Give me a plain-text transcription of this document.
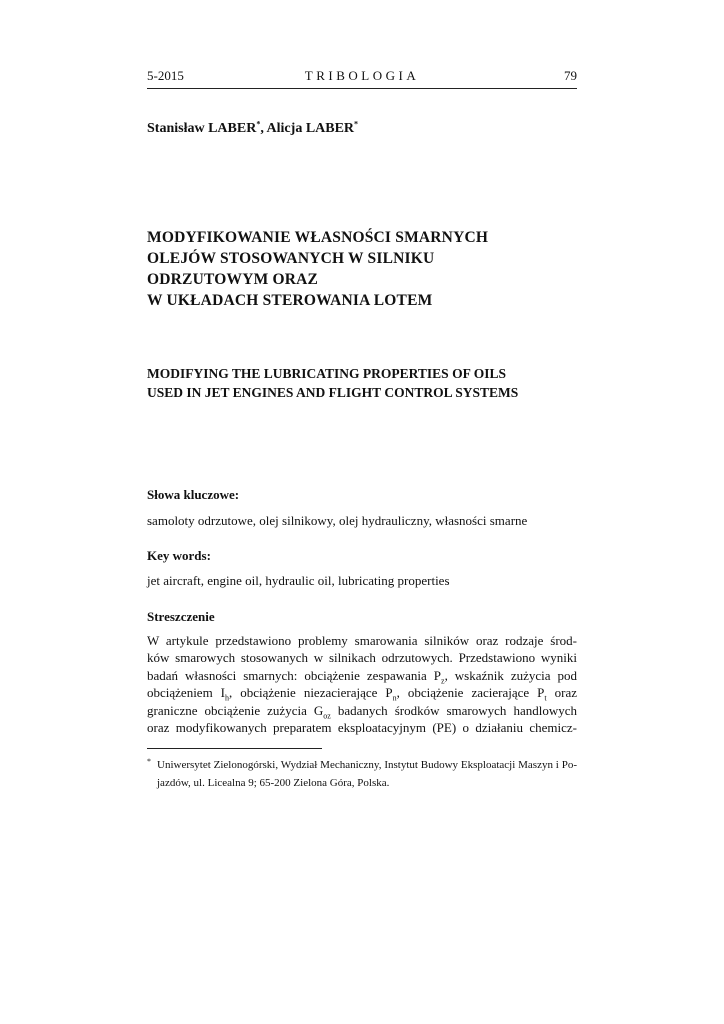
5-2015	TRIBOLOGIA	79
Stanisław LABER*, Alicja LABER*
MODYFIKOWANIE WŁASNOŚCI SMARNYCH
OLEJÓW STOSOWANYCH W SILNIKU
ODRZUTOWYM ORAZ
W UKŁADACH STEROWANIA LOTEM
MODIFYING THE LUBRICATING PROPERTIES OF OILS
USED IN JET ENGINES AND FLIGHT CONTROL SYSTEMS
Słowa kluczowe:
samoloty odrzutowe, olej silnikowy, olej hydrauliczny, własności smarne
Key words:
jet aircraft, engine oil, hydraulic oil, lubricating properties
Streszczenie
W artykule przedstawiono problemy smarowania silników oraz rodzaje środ-
ków smarowych stosowanych w silnikach odrzutowych. Przedstawiono wyniki
badań własności smarnych: obciążenie zespawania $P_z$, wskaźnik zużycia pod
obciążeniem $I_h$, obciążenie niezacierające $P_n$, obciążenie zacierające $P_t$ oraz
graniczne obciążenie zużycia $G_{oz}$ badanych środków smarowych handlowych
oraz modyfikowanych preparatem eksploatacyjnym (PE) o działaniu chemicz-
* Uniwersytet Zielonogórski, Wydział Mechaniczny, Instytut Budowy Eksploatacji Maszyn i Po-
jazdów, ul. Licealna 9; 65-200 Zielona Góra, Polska.
